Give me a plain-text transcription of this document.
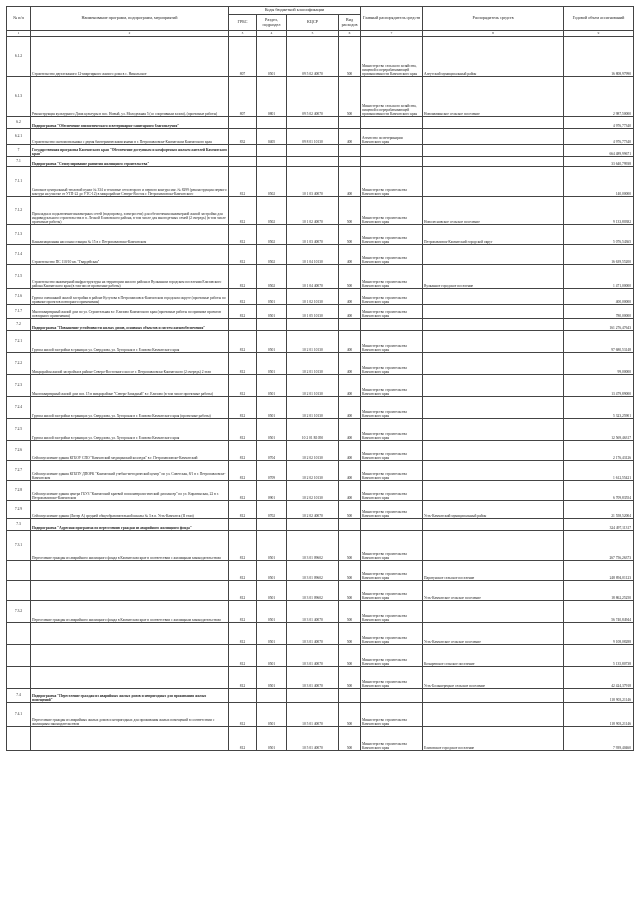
№ п/п	Наименование программ, подпрограмм, мероприятий	Коды бюджетной классификации				Главный распорядитель средств	Распорядитель средств	Годовой объем ассигнований
		ГРБС	Раздел, подраздел	КЦСР	Вид расходов			
1	2	3	4	5	6	7	8	9
6.1.2	Строительство двухэтажного 12-квартирного жилого дома в с. Никольское	807	0501	09 5 02 40070	500	Министерство сельского хозяйства, пищевой и перерабатывающей промышленности Камчатского края	Алеутский муниципальный район	16 808,97990
6.1.3	Реконструкция культурного Дома культуры в пос. Новый, ул. Молодежная 5 (со спортивным залом), (проектные работы)	807	0801	09 5 02 40070	500	Министерство сельского хозяйства, пищевой и перерабатывающей промышленности Камчатского края	Новоавачинское сельское поселение	2 987,50000
6.2	Подпрограмма "Обеспечение эпизоотического и ветеринарно-санитарного благополучия"							4 976,77340
6.2.1	Строительство скотомогильника с двумя биотермическими ямами в г. Петропавловске-Камчатском Камчатского края	832	0405	09 8 01 10130	400	Агентство по ветеринарии Камчатского края		4 976,77340
7	Государственная программа Камчатского края "Обеспечение доступным и комфортным жильем жителей Камчатского края"							664 489,99671
7.1	Подпрограмма "Стимулирование развития жилищного строительства"							33 640,79938
7.1.1	Сквозное центральный тепловой пункт № 334 и тепловые сети второго и первого контура маг. № 8299 (реконструкция первого контура на участке от УТП-22 до УТС-12) в микрорайоне Северо-Восток г. Петропавловска-Камчатского	812	0502	10 1 03 40070	400	Министерство строительства Камчатского края		140,00000
7.1.2	Прокладка и подключение инженерных сетей (водопровод, электросети) для обеспечения инженерной жилой застройки для индивидуального строительства в п. Лесной Елизовского района, в том числе для многодетных семей (2 очередь) (в том числе проектные работы)	812	0502	10 1 02 40070	500	Министерство строительства Камчатского края	Новолесновское сельское поселение	9 133,80382
7.1.3	Канализационная насосная станция № 15 в г. Петропавловско-Камчатском	812	0502	10 1 03 40070	500	Министерство строительства Камчатского края	Петропавловск-Камчатский городской округ	5 076,54365
7.1.4	Строительство ПС 110/10 кв. "Гвардейская"	812	0502	10 1 04 10130	400	Министерство строительства Камчатского края		16 639,55200
7.1.5	Строительство инженерной инфраструктуры на территории жилого района в Вулканном городском поселении Елизовского района Камчатского края (в том числе проектные работы)	812	0502	10 1 04 40070	500	Министерство строительства Камчатского края	Вулканное городское поселение	1 471,00000
7.1.6	Группа смешанной жилой застройки в районе Кутузова в Петропавловск-Камчатском городском округе (проектные работы по привязке проектов повторного применения)	812	0501	10 1 02 10130	400	Министерство строительства Камчатского края		400,00000
7.1.7	Многоквартирный жилой дом по ул. Строительная в г. Елизово Камчатского края (проектные работы по привязке проектов повторного применения)	812	0501	10 1 05 10130	400	Министерство строительства Камчатского края		780,00000
7.2	Подпрограмма "Повышение устойчивости жилых домов, основных объектов и систем жизнеобеспечения"							161 276,47643
7.2.1	Группа жилой застройки в границах ул. Свердлова, ул. Хуторская в г. Елизово Камчатского края	812	0501	10 2 01 10130	400	Министерство строительства Камчатского края		97 680,53148
7.2.2	Микрорайон жилой застройки в районе Северо-Восточного шоссе г. Петропавловска-Камчатского (2 очередь) 2 этап	812	0501	10 2 01 10130	400	Министерство строительства Камчатского края		99,00000
7.2.3	Многоквартирный жилой дом поз. 15 в микрорайоне "Северо-Западный" в г. Елизово (в том числе проектные работы)	812	0501	10 2 01 10130	400	Министерство строительства Камчатского края		13 479,89000
7.2.4	Группа жилой застройки в границах ул. Свердлова, ул. Хуторская в г. Елизово Камчатского края (проектные работы)	812	0501	10 2 01 10130	400	Министерство строительства Камчатского края		5 323,25901
7.2.5	Группа жилой застройки в границах ул. Свердлова, ул. Хуторская в г. Елизово Камчатского края	812	0501	10 2 01 R1050	400	Министерство строительства Камчатского края		12 569,46317
7.2.6	Сейсмоусиление здания КГБОУ СПО "Камчатский медицинский колледж" в г. Петропавловске-Камчатский	812	0704	10 2 02 10130	400	Министерство строительства Камчатского края		2 176,43126
7.2.7	Сейсмоусиление здания КГБПУ ДПОРК "Камчатский учебно-методический центр" по ул. Советская, 8/1 в г. Петропавловске-Камчатском	812	0709	10 2 02 10130	400	Министерство строительства Камчатского края		1 612,55421
7.2.8	Сейсмоусиление здания центра ГБУЗ "Камчатский краевой психоневрологический диспансер" по ул. Кирагинская, 22 в г. Петропавловске-Камчатском	812	0901	10 2 02 10130	400	Министерство строительства Камчатского края		6 709,83554
7.2.9	Сейсмоусиление здания (Литер А) средней общеобразовательной школы № 3 в п. Усть-Камчатск (II этап)	812	0702	10 2 02 40070	500	Министерство строительства Камчатского края	Усть-Камчатский муниципальный район	21 558,52004
7.3	Подпрограмма "Адресная программа по переселению граждан из аварийного жилищного фонда"							324 497,11317
7.3.1	Переселение граждан из аварийного жилищного фонда в Камчатском крае в соответствии с жилищным законодательством	812	0501	10 3 01 09602	500	Министерство строительства Камчатского края		267 756,26373
		812	0501	10 3 01 09602	500	Министерство строительства Камчатского края	Паратунское сельское поселение	248 894,01123
		812	0501	10 3 01 09602	500	Министерство строительства Камчатского края	Усть-Камчатское сельское поселение	18 862,25250
7.3.2	Переселение граждан из аварийного жилищного фонда в Камчатском крае в соответствии с жилищным законодательством	812	0501	10 3 01 40070	500	Министерство строительства Камчатского края		56 740,84944
		812	0501	10 3 01 40070	500	Министерство строительства Камчатского края	Усть-Камчатское сельское поселение	9 108,08288
		812	0501	10 3 01 40070	500	Министерство строительства Камчатского края	Козыревское сельское поселение	5 135,80738
		812	0501	10 3 01 40070	500	Министерство строительства Камчатского края	Усть-Большерецкое сельское поселение	42 424,37918
7.4	Подпрограмма "Переселение граждан из аварийных жилых домов и непригодных для проживания жилых помещений"							118 903,21146
7.4.1	Переселение граждан из аварийных жилых домов и непригодных для проживания жилых помещений в соответствии с жилищным законодательством	812	0501	10 5 01 40070	500	Министерство строительства Камчатского края		118 903,21146
		812	0501	10 5 01 40070	500	Министерство строительства Камчатского края	Елизовское городское поселение	7 939,40460
